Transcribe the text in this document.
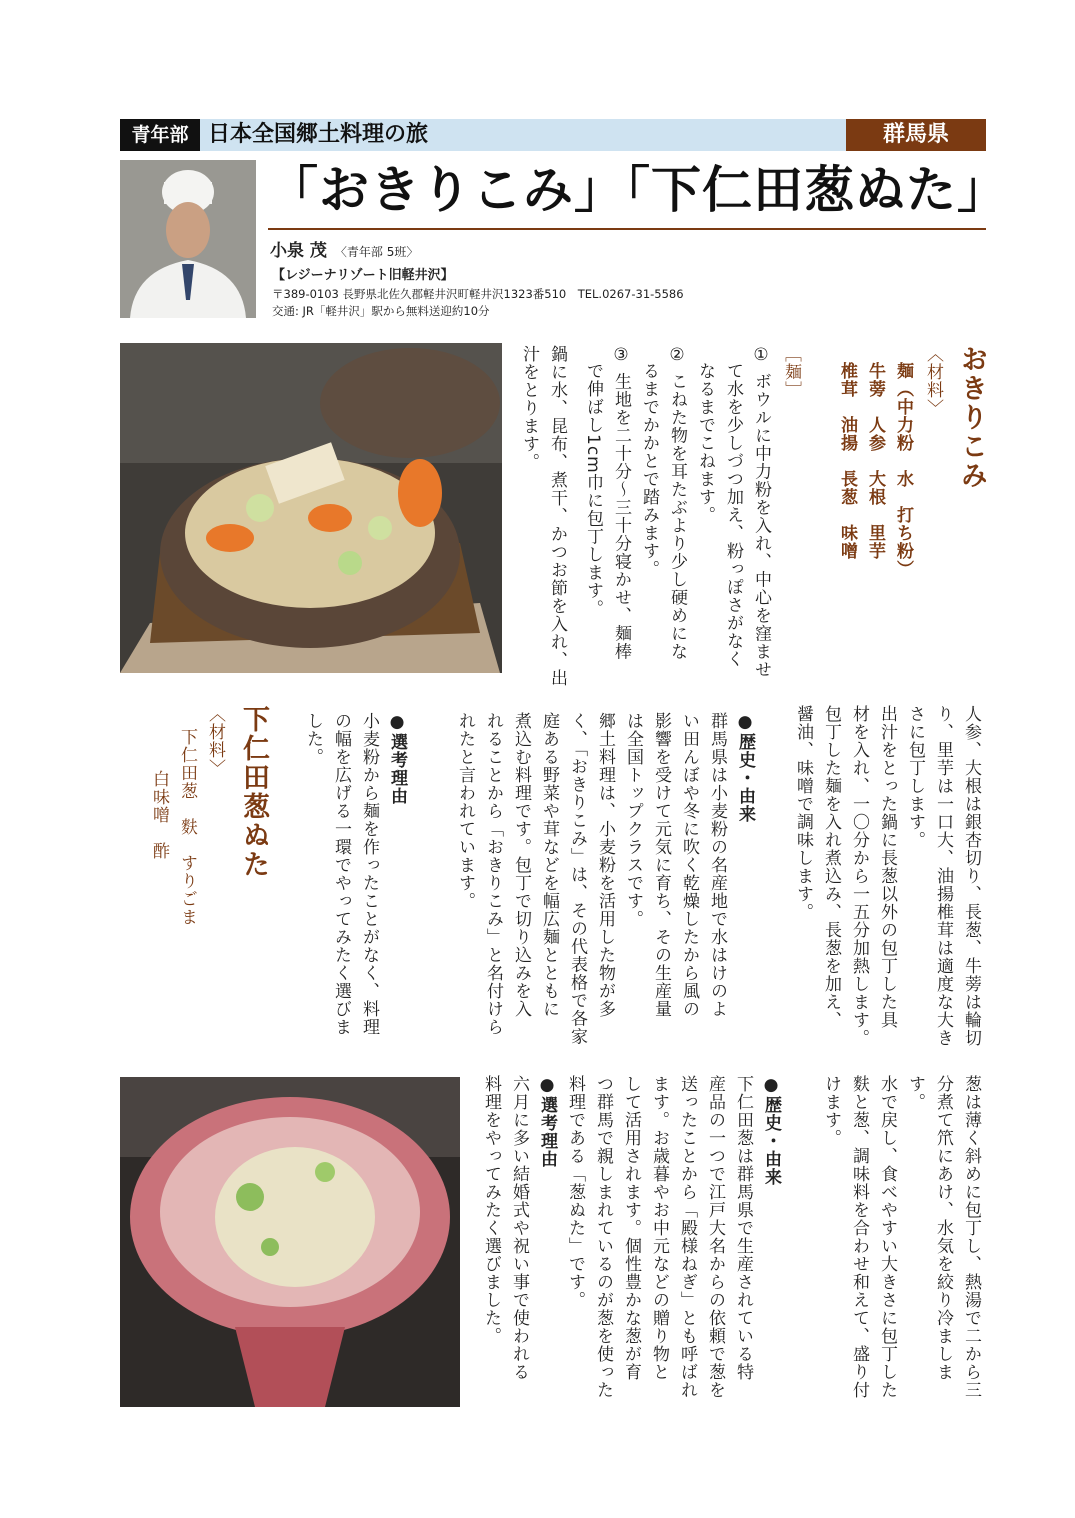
青年部 日本全国郷土料理の旅	群馬県
「おきりこみ」「下仁田葱ぬた」
小泉 茂 〈青年部 5班〉
【レジーナリゾート旧軽井沢】
〒389-0103 長野県北佐久郡軽井沢町軽井沢1323番510　TEL.0267-31-5586
交通: JR「軽井沢」駅から無料送迎約10分
おきりこみ
〈材料〉
麺（中力粉　水　打ち粉）
牛蒡　人参　大根　里芋
椎茸　油揚　長葱　味噌
［麺］
① ボウルに中力粉を入れ、中心を窪ませ
て水を少しづつ加え、粉っぽさがなく
なるまでこねます。
② こねた物を耳たぶより少し硬めにな
るまでかかとで踏みます。
③ 生地を二十分～三十分寝かせ、麺棒
で伸ばし1cm巾に包丁します。
鍋に水、昆布、煮干、かつお節を入れ、出
汁をとります。
人参、大根は銀杏切り、長葱、牛蒡は輪切
り、里芋は一口大、油揚椎茸は適度な大き
さに包丁します。
出汁をとった鍋に長葱以外の包丁した具
材を入れ、一〇分から一五分加熱します。
包丁した麺を入れ煮込み、長葱を加え、
醤油、味噌で調味します。
●歴史・由来
群馬県は小麦粉の名産地で水はけのよ
い田んぼや冬に吹く乾燥したから風の
影響を受けて元気に育ち、その生産量
は全国トップクラスです。
郷土料理は、小麦粉を活用した物が多
く、「おきりこみ」は、その代表格で各家
庭ある野菜や茸などを幅広麺とともに
煮込む料理です。包丁で切り込みを入
れることから「おきりこみ」と名付けら
れたと言われています。
●選考理由
小麦粉から麺を作ったことがなく、料理
の幅を広げる一環でやってみたく選びま
した。
下仁田葱ぬた
〈材料〉
下仁田葱　麩　すりごま
白味噌　酢
葱は薄く斜めに包丁し、熱湯で二から三
分煮て笊にあけ、水気を絞り冷ましま
す。
水で戻し、食べやすい大きさに包丁した
麩と葱、調味料を合わせ和えて、盛り付
けます。
●歴史・由来
下仁田葱は群馬県で生産されている特
産品の一つで江戸大名からの依頼で葱を
送ったことから「殿様ねぎ」とも呼ばれ
ます。お歳暮やお中元などの贈り物と
して活用されます。個性豊かな葱が育
つ群馬で親しまれているのが葱を使った
料理である「葱ぬた」です。
●選考理由
六月に多い結婚式や祝い事で使われる
料理をやってみたく選びました。
